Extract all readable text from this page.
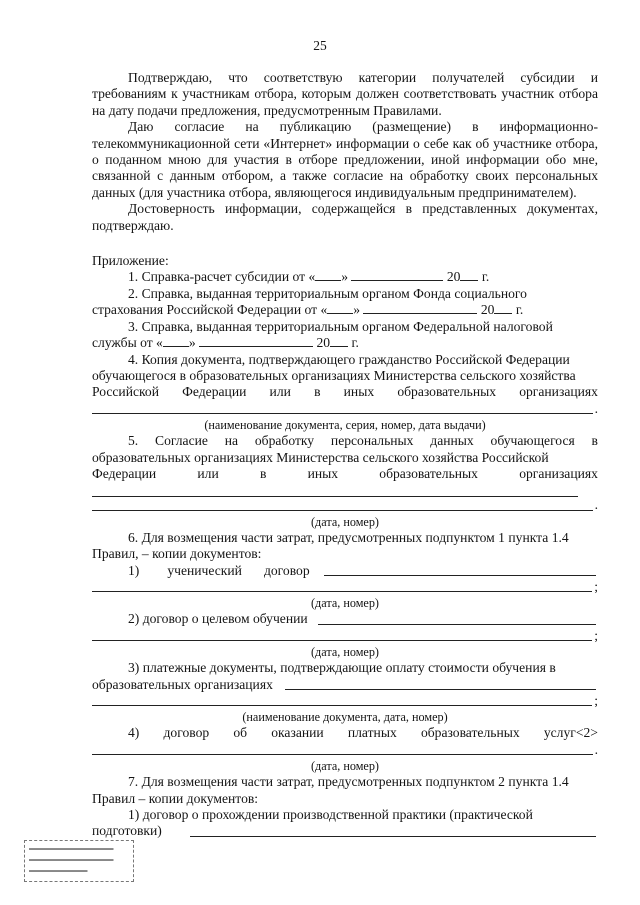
25

Подтверждаю, что соответствую категории получателей субсидии и требованиям к участникам отбора, которым должен соответствовать участник отбора на дату подачи предложения, предусмотренным Правилами.

Даю согласие на публикацию (размещение) в информационно-телекоммуникационной сети «Интернет» информации о себе как об участнике отбора, о поданном мною для участия в отборе предложении, иной информации обо мне, связанной с данным отбором, а также согласие на обработку своих персональных данных (для участника отбора, являющегося индивидуальным предпринимателем).

Достоверность информации, содержащейся в представленных документах, подтверждаю.

Приложение:
1. Справка-расчет субсидии от « »	20 г.
2. Справка, выданная территориальным органом Фонда социального
страхования Российской Федерации от « »	20 г.
3. Справка, выданная территориальным органом Федеральной налоговой
службы от « »	20 г.
4. Копия документа, подтверждающего гражданство Российской Федерации
обучающегося в образовательных организациях Министерства сельского хозяйства
Российской Федерации или в иных образовательных организациях
.
(наименование документа, серия, номер, дата выдачи)
5. Согласие на обработку персональных данных обучающегося в
образовательных организациях Министерства сельского хозяйства Российской
Федерации	или	в	иных	образовательных	организациях
.
(дата, номер)
6. Для возмещения части затрат, предусмотренных подпунктом 1 пункта 1.4
Правил, – копии документов:
1) ученический договор
;
(дата, номер)
2) договор о целевом обучении
;
(дата, номер)
3) платежные документы, подтверждающие оплату стоимости обучения в
образовательных организациях
;
(наименование документа, дата, номер)
4) договор об оказании платных образовательных услуг<2>
.
(дата, номер)
7. Для возмещения части затрат, предусмотренных подпунктом 2 пункта 1.4
Правил – копии документов:
1) договор о прохождении производственной практики (практической
подготовки)
▬▬▬▬▬▬▬▬▬▬▬▬▬
▬▬▬▬▬▬▬▬▬▬▬▬▬
▬▬▬▬▬▬▬▬▬
